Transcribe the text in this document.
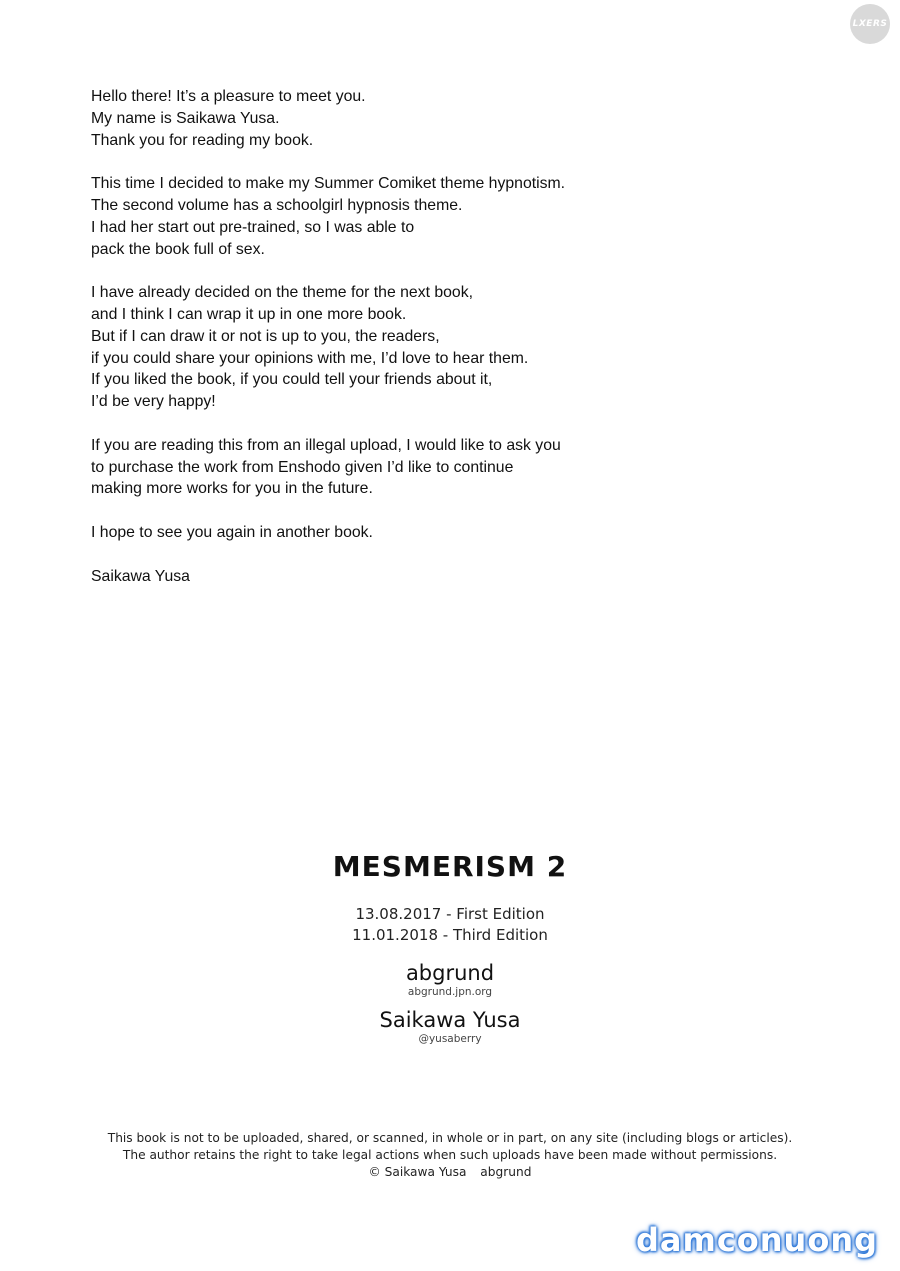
LXERS
Hello there! It’s a pleasure to meet you.
My name is Saikawa Yusa.
Thank you for reading my book.
This time I decided to make my Summer Comiket theme hypnotism.
The second volume has a schoolgirl hypnosis theme.
I had her start out pre-trained, so I was able to
pack the book full of sex.
I have already decided on the theme for the next book,
and I think I can wrap it up in one more book.
But if I can draw it or not is up to you, the readers,
if you could share your opinions with me, I’d love to hear them.
If you liked the book, if you could tell your friends about it,
I’d be very happy!
If you are reading this from an illegal upload, I would like to ask you
to purchase the work from Enshodo given I’d like to continue
making more works for you in the future.
I hope to see you again in another book.
Saikawa Yusa
MESMERISM 2
13.08.2017 - First Edition
11.01.2018 - Third Edition
abgrund
abgrund.jpn.org
Saikawa Yusa
@yusaberry
This book is not to be uploaded, shared, or scanned, in whole or in part, on any site (including blogs or articles).
The author retains the right to take legal actions when such uploads have been made without permissions.
© Saikawa Yusa abgrund
damconuong
